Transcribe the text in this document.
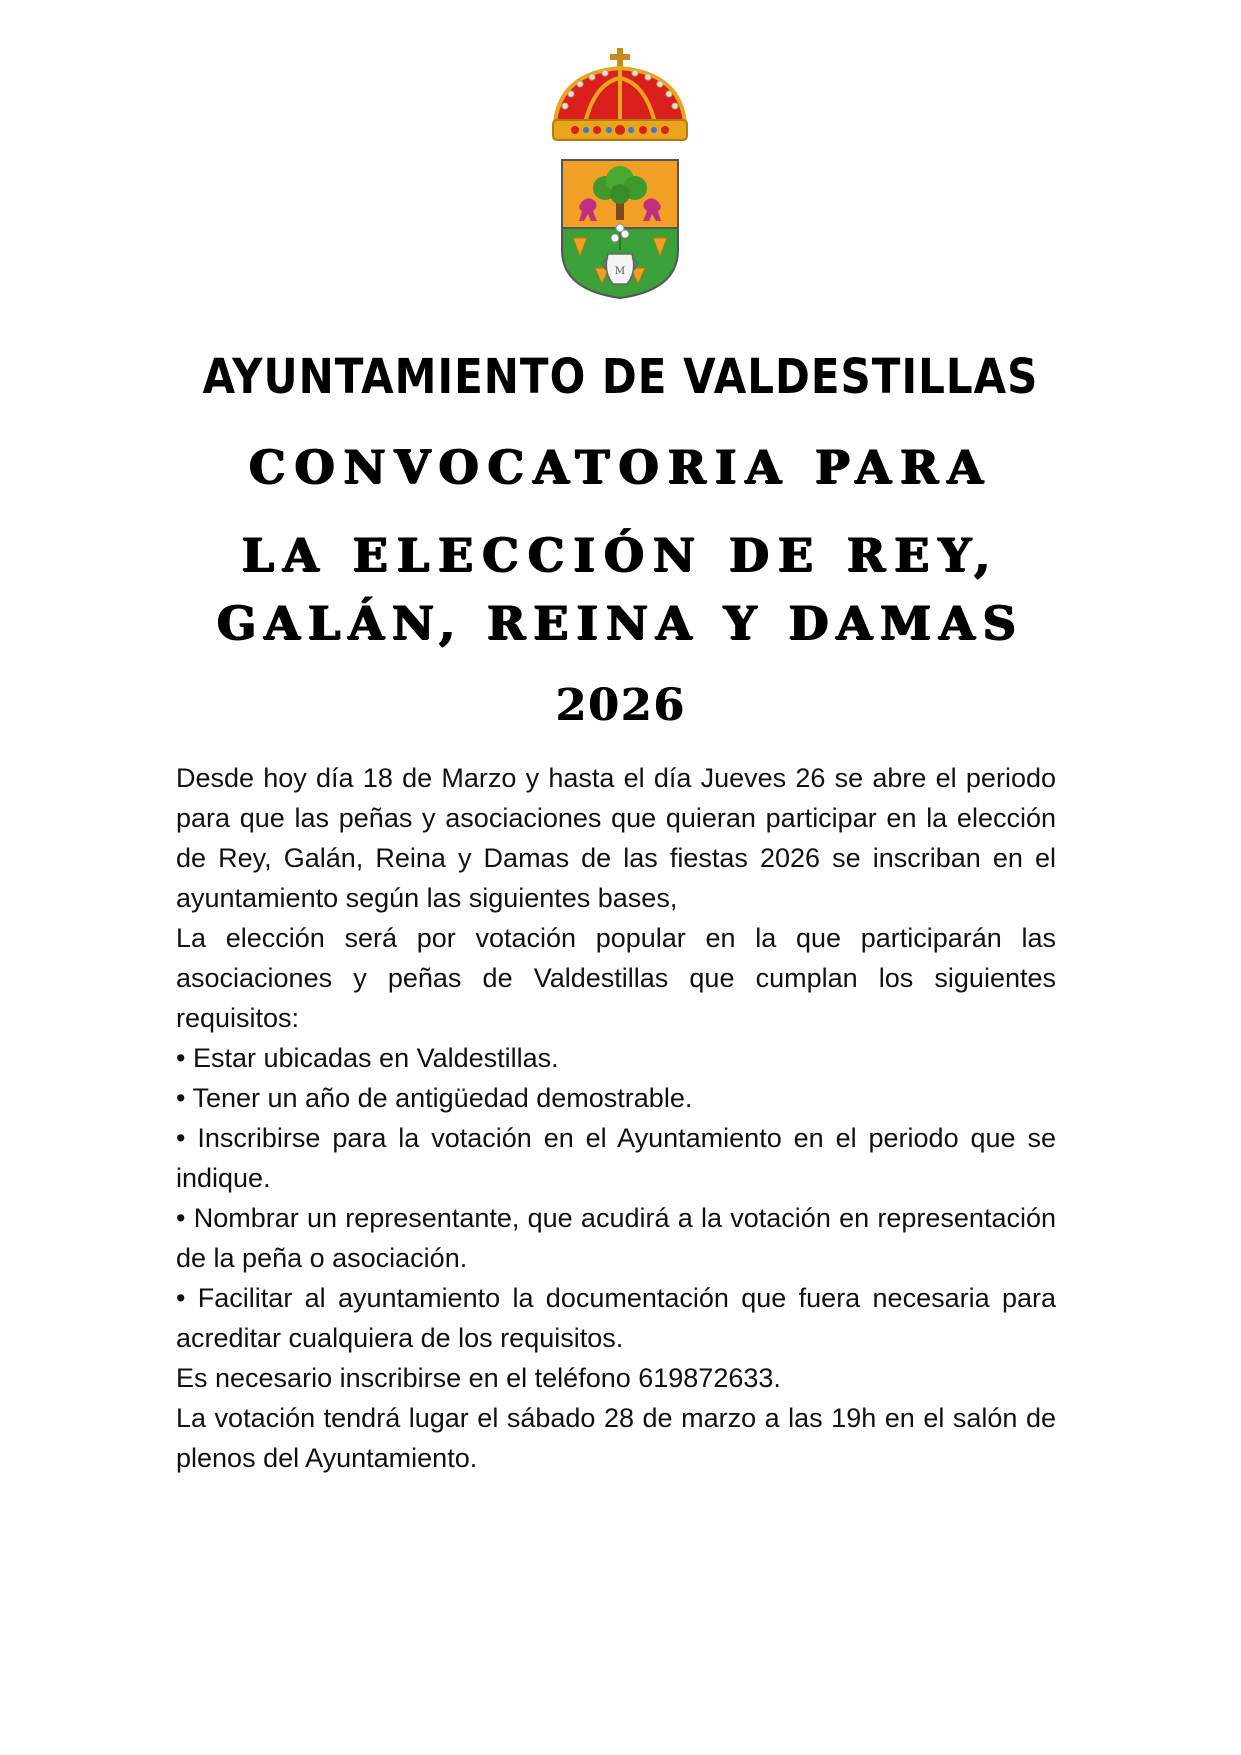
M
AYUNTAMIENTO DE VALDESTILLAS
CONVOCATORIA PARA
LA ELECCIÓN DE REY,
GALÁN, REINA Y DAMAS
2026

Desde hoy día 18 de Marzo y hasta el día Jueves 26 se abre el periodo para que las peñas y asociaciones que quieran participar en la elección de Rey, Galán, Reina y Damas de las fiestas 2026 se inscriban en el ayuntamiento según las siguientes bases,

La elección será por votación popular en la que participarán las asociaciones y peñas de Valdestillas que cumplan los siguientes requisitos:

• Estar ubicadas en Valdestillas.

• Tener un año de antigüedad demostrable.

• Inscribirse para la votación en el Ayuntamiento en el periodo que se indique.

• Nombrar un representante, que acudirá a la votación en representación de la peña o asociación.

• Facilitar al ayuntamiento la documentación que fuera necesaria para acreditar cualquiera de los requisitos.

Es necesario inscribirse en el teléfono 619872633.

La votación tendrá lugar el sábado 28 de marzo a las 19h en el salón de plenos del Ayuntamiento.
